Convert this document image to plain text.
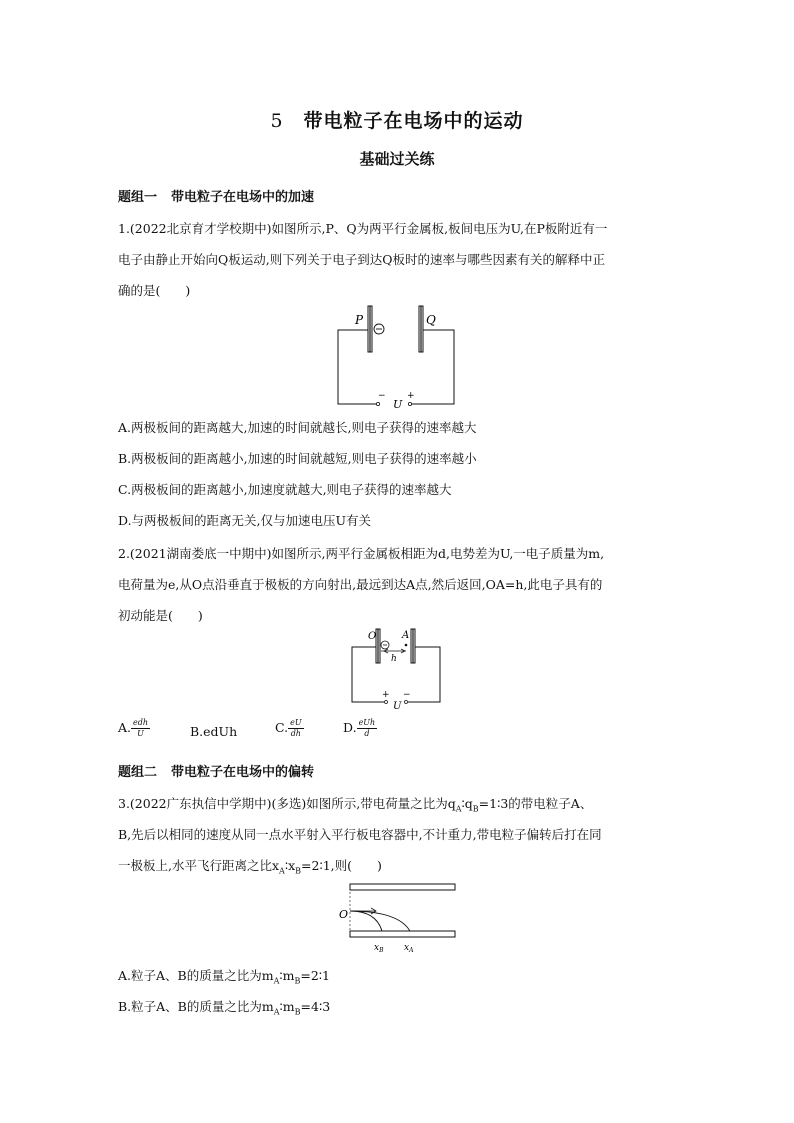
5 带电粒子在电场中的运动
基础过关练
题组一 带电粒子在电场中的加速
1.(2022北京育才学校期中)如图所示,P、Q为两平行金属板,板间电压为U,在P板附近有一
电子由静止开始向Q板运动,则下列关于电子到达Q板时的速率与哪些因素有关的解释中正
确的是(　　)
P	Q
− +
U
A.两极板间的距离越大,加速的时间就越长,则电子获得的速率越大
B.两极板间的距离越小,加速的时间就越短,则电子获得的速率越小
C.两极板间的距离越小,加速度就越大,则电子获得的速率越大
D.与两极板间的距离无关,仅与加速电压U有关
2.(2021湖南娄底一中期中)如图所示,两平行金属板相距为d,电势差为U,一电子质量为m,
电荷量为e,从O点沿垂直于极板的方向射出,最远到达A点,然后返回,OA=h,此电子具有的
初动能是(　　)
O	A
h
+ −
U
A. $\frac{\text{edh}}{U}$	B.edUh	C. $\frac{eU}{dh}$	D. $\frac{\text{eUh}}{d}$
题组二 带电粒子在电场中的偏转
3.(2022广东执信中学期中)(多选)如图所示,带电荷量之比为$q_A∶q_B=1∶3$的带电粒子A、
B,先后以相同的速度从同一点水平射入平行板电容器中,不计重力,带电粒子偏转后打在同
一极板上,水平飞行距离之比$x_A∶x_B=2∶1$,则(　　)
O
$x_B$ $x_A$
A.粒子A、B的质量之比为$m_A∶m_B=2∶1$
B.粒子A、B的质量之比为$m_A∶m_B=4∶3$
